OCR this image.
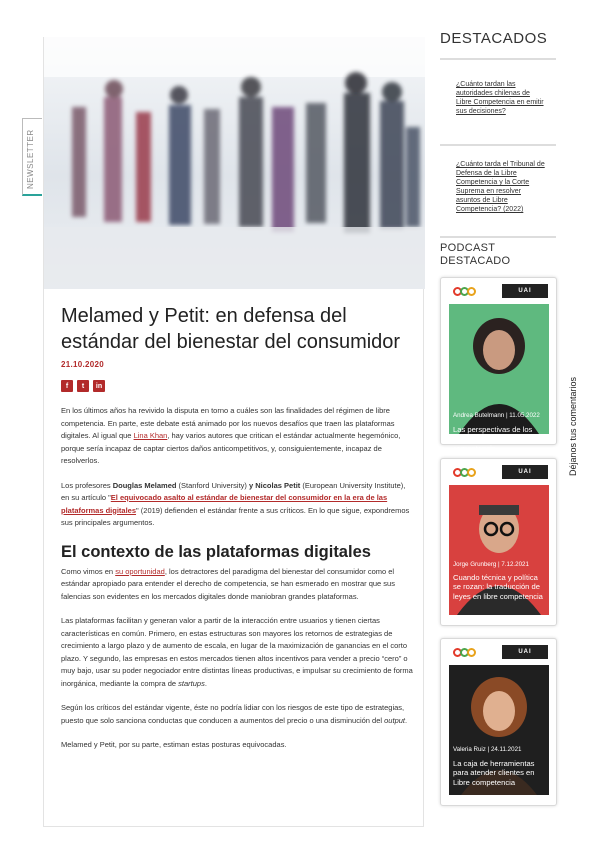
NEWSLETTER
Melamed y Petit: en defensa del estándar del bienestar del consumidor
21.10.2020
f	t	in

En los últimos años ha revivido la disputa en torno a cuáles son las finalidades del régimen de libre competencia. En parte, este debate está animado por los nuevos desafíos que traen las plataformas digitales. Al igual que Lina Khan, hay varios autores que critican el estándar actualmente hegemónico, porque sería incapaz de captar ciertos daños anticompetitivos, y, consiguientemente, incapaz de resolverlos.

Los profesores Douglas Melamed (Stanford University) y Nicolas Petit (European University Institute), en su artículo "El equivocado asalto al estándar de bienestar del consumidor en la era de las plataformas digitales" (2019) defienden el estándar frente a sus críticos. En lo que sigue, expondremos sus principales argumentos.

El contexto de las plataformas digitales

Como vimos en su oportunidad, los detractores del paradigma del bienestar del consumidor como el estándar apropiado para entender el derecho de competencia, se han esmerado en mostrar que sus falencias son evidentes en los mercados digitales donde maniobran grandes plataformas.

Las plataformas facilitan y generan valor a partir de la interacción entre usuarios y tienen ciertas características en común. Primero, en estas estructuras son mayores los retornos de estrategias de crecimiento a largo plazo y de aumento de escala, en lugar de la maximización de ganancias en el corto plazo. Y segundo, las empresas en estos mercados tienen altos incentivos para vender a precio “cero” o muy bajo, usar su poder negociador entre distintas líneas productivas, e impulsar su crecimiento de forma inorgánica, mediante la compra de startups.

Según los críticos del estándar vigente, éste no podría lidiar con los riesgos de este tipo de estrategias, puesto que solo sanciona conductas que conducen a aumentos del precio o una disminución del output.

Melamed y Petit, por su parte, estiman estas posturas equivocadas.

DESTACADOS
¿Cuánto tardan las autoridades chilenas de Libre Competencia en emitir sus decisiones?
¿Cuánto tarda el Tribunal de Defensa de la Libre Competencia y la Corte Suprema en resolver asuntos de Libre Competencia? (2022)
PODCAST
DESTACADO
UAI
Andrea Butelmann | 11.05.2022
Las perspectivas de los economistas en libre competencia
UAI
Jorge Grunberg | 7.12.2021
Cuando técnica y política se rozan: la traducción de leyes en libre competencia
UAI
Valeria Ruiz | 24.11.2021
La caja de herramientas para atender clientes en Libre competencia
Déjanos tus comentarios
